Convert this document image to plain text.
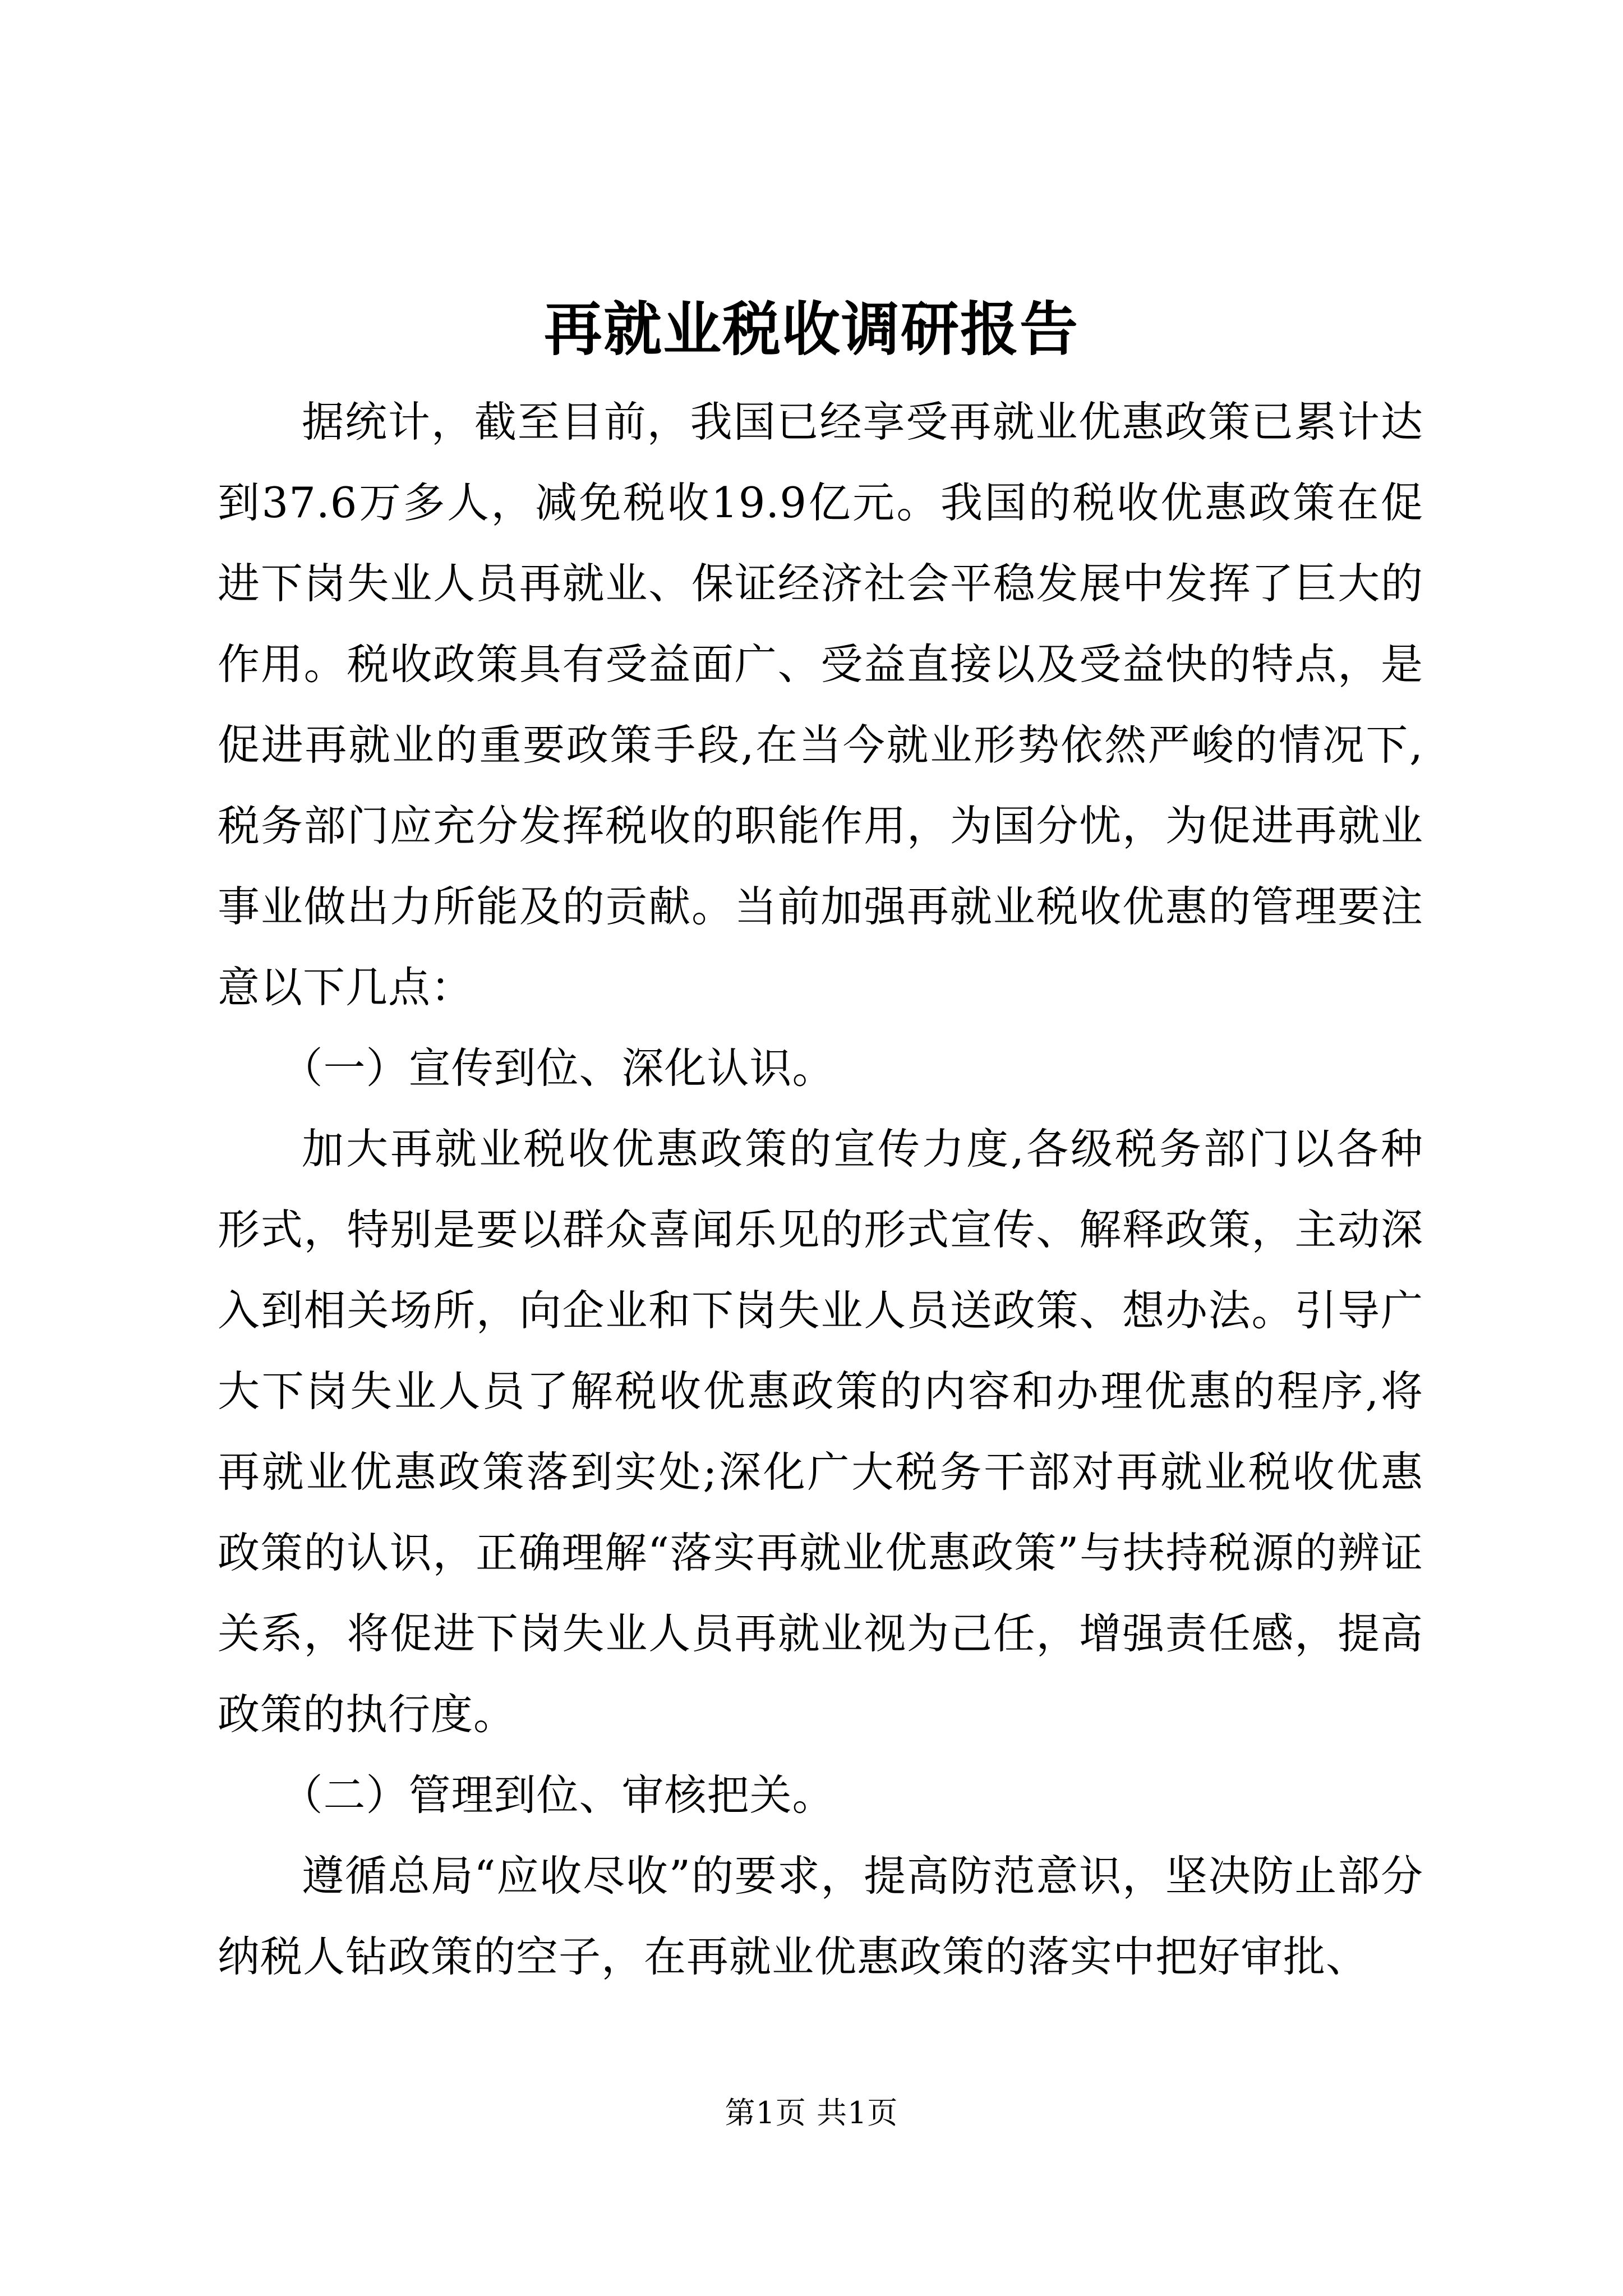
再就业税收调研报告

据统计，截至目前，我国已经享受再就业优惠政策已累计达到37.6万多人，减免税收19.9亿元。我国的税收优惠政策在促进下岗失业人员再就业、保证经济社会平稳发展中发挥了巨大的作用。税收政策具有受益面广、受益直接以及受益快的特点，是促进再就业的重要政策手段,在当今就业形势依然严峻的情况下,税务部门应充分发挥税收的职能作用，为国分忧，为促进再就业事业做出力所能及的贡献。当前加强再就业税收优惠的管理要注意以下几点：

（一）宣传到位、深化认识。

加大再就业税收优惠政策的宣传力度,各级税务部门以各种形式，特别是要以群众喜闻乐见的形式宣传、解释政策，主动深入到相关场所，向企业和下岗失业人员送政策、想办法。引导广大下岗失业人员了解税收优惠政策的内容和办理优惠的程序,将再就业优惠政策落到实处;深化广大税务干部对再就业税收优惠政策的认识，正确理解“落实再就业优惠政策”与扶持税源的辨证关系，将促进下岗失业人员再就业视为己任，增强责任感，提高政策的执行度。

（二）管理到位、审核把关。

遵循总局“应收尽收”的要求，提高防范意识，坚决防止部分纳税人钻政策的空子，在再就业优惠政策的落实中把好审批、

第1页 共1页
